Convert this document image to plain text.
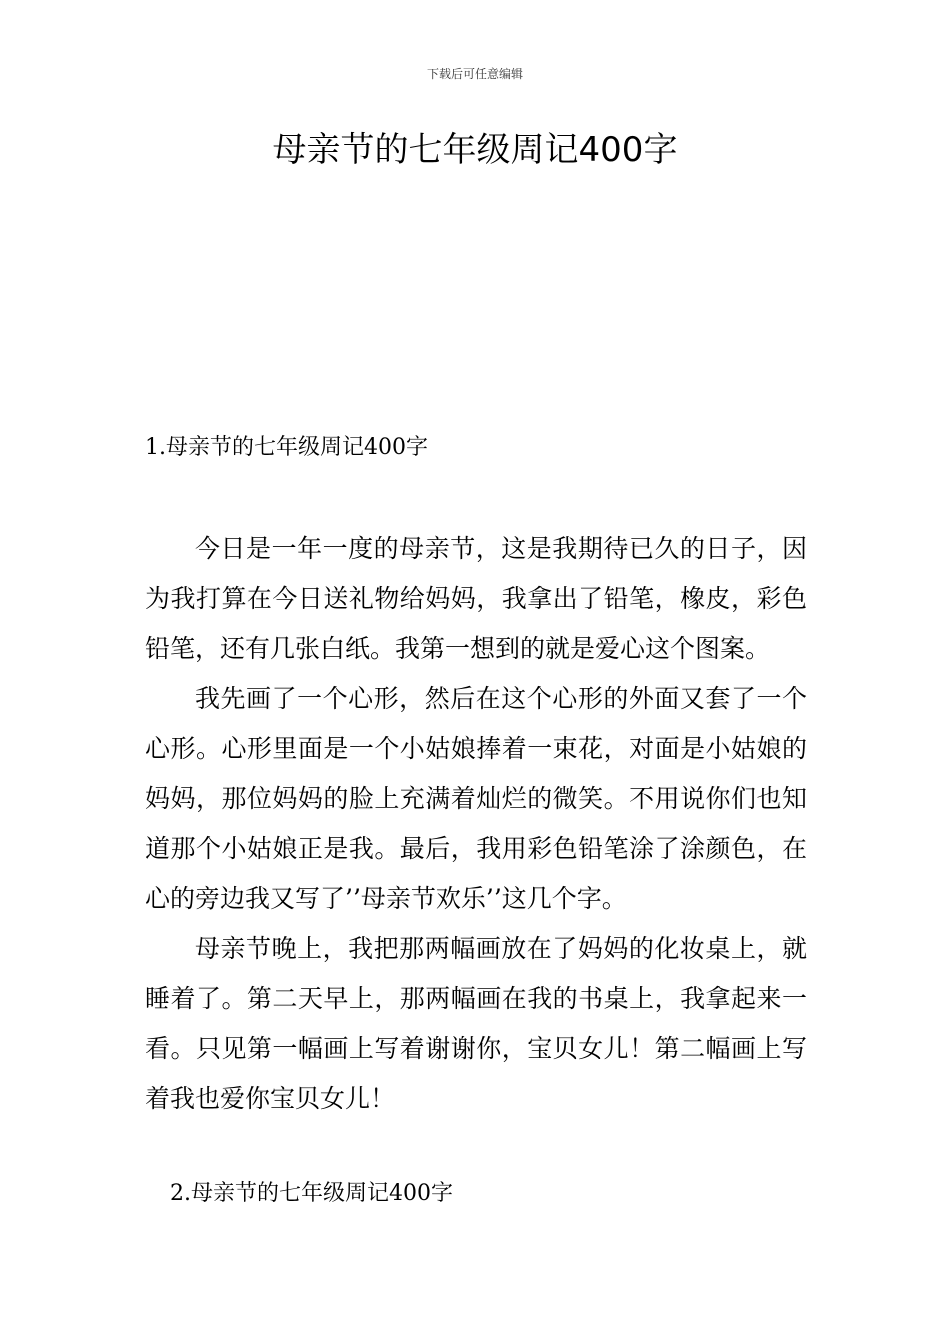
下载后可任意编辑
母亲节的七年级周记400字
1.母亲节的七年级周记400字

今日是一年一度的母亲节，这是我期待已久的日子，因为我打算在今日送礼物给妈妈，我拿出了铅笔，橡皮，彩色铅笔，还有几张白纸。我第一想到的就是爱心这个图案。

我先画了一个心形，然后在这个心形的外面又套了一个心形。心形里面是一个小姑娘捧着一束花，对面是小姑娘的妈妈，那位妈妈的脸上充满着灿烂的微笑。不用说你们也知道那个小姑娘正是我。最后，我用彩色铅笔涂了涂颜色，在心的旁边我又写了’’母亲节欢乐’’这几个字。

母亲节晚上，我把那两幅画放在了妈妈的化妆桌上，就睡着了。第二天早上，那两幅画在我的书桌上，我拿起来一看。只见第一幅画上写着谢谢你，宝贝女儿！第二幅画上写着我也爱你宝贝女儿！

2.母亲节的七年级周记400字
